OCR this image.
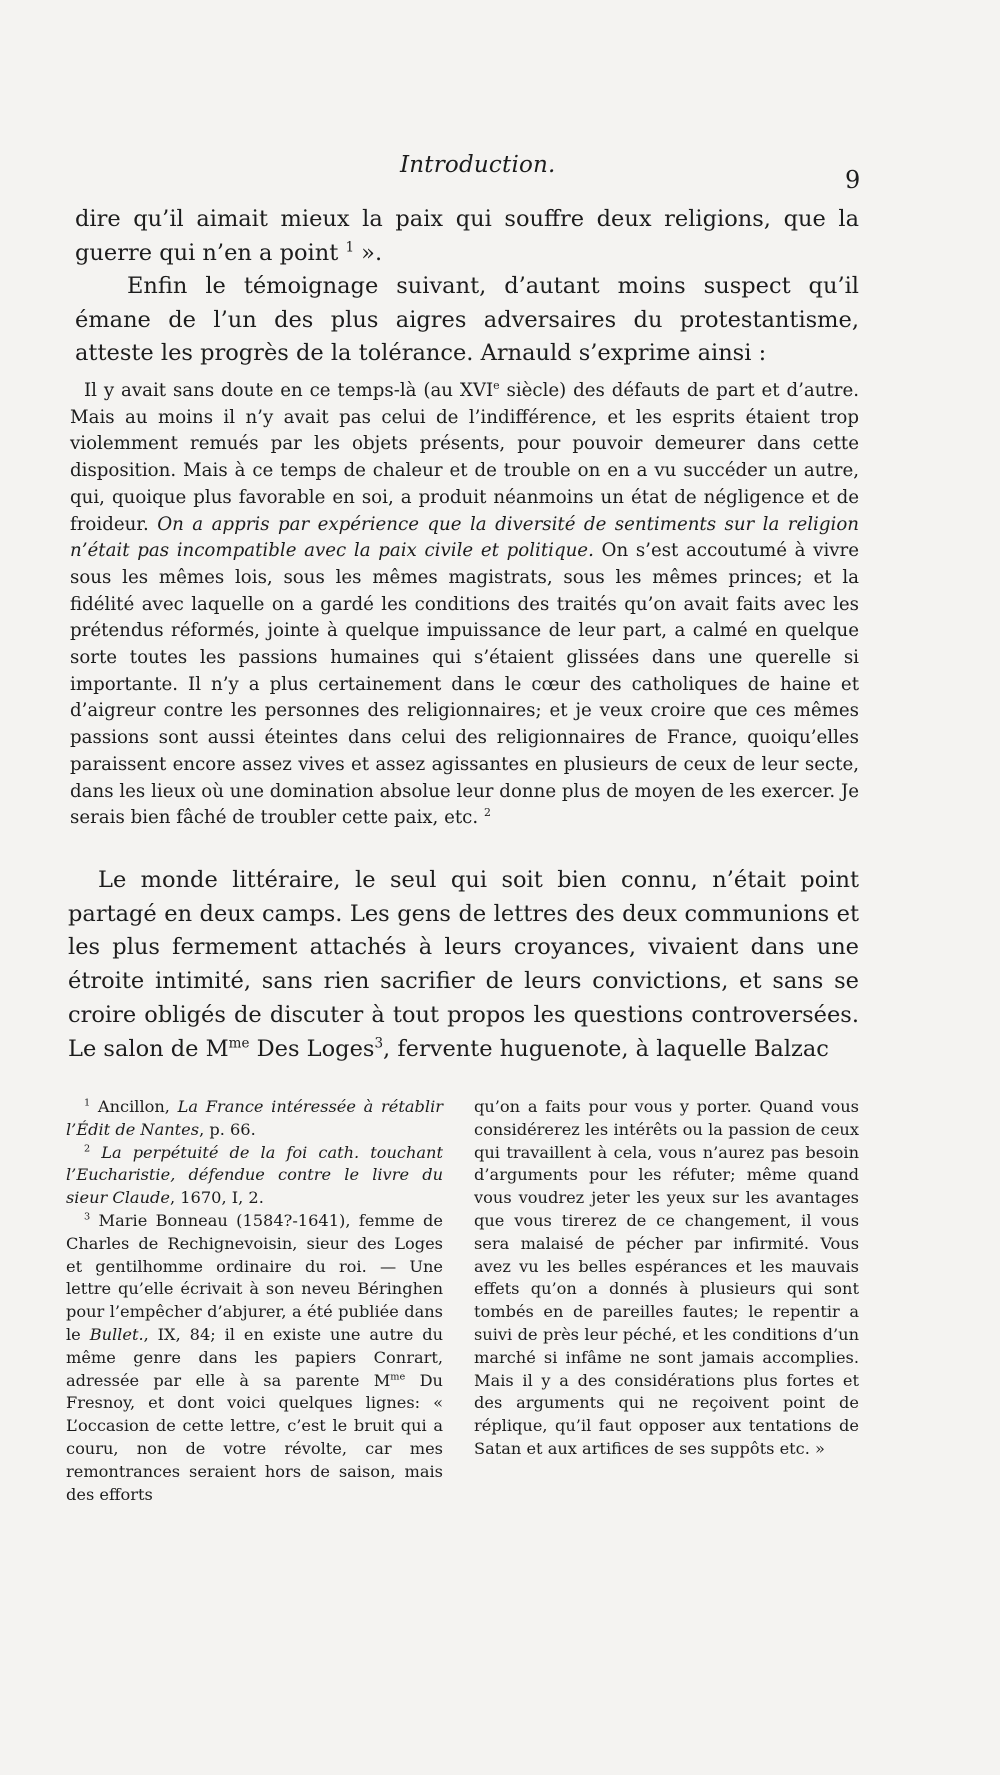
Introduction.
9

dire qu’il aimait mieux la paix qui souffre deux religions, que la guerre qui n’en a point $^1$ ».

Enfin le témoignage suivant, d’autant moins suspect qu’il émane de l’un des plus aigres adversaires du protestantisme, atteste les progrès de la tolérance. Arnauld s’exprime ainsi :

Il y avait sans doute en ce temps-là (au XVIe siècle) des défauts de part et d’autre. Mais au moins il n’y avait pas celui de l’indifférence, et les esprits étaient trop violemment remués par les objets présents, pour pouvoir demeurer dans cette disposition. Mais à ce temps de chaleur et de trouble on en a vu succéder un autre, qui, quoique plus favorable en soi, a produit néanmoins un état de négligence et de froideur. On a appris par expérience que la diversité de sentiments sur la religion n’était pas incompatible avec la paix civile et politique. On s’est accoutumé à vivre sous les mêmes lois, sous les mêmes magistrats, sous les mêmes princes; et la fidélité avec laquelle on a gardé les conditions des traités qu’on avait faits avec les prétendus réformés, jointe à quelque impuissance de leur part, a calmé en quelque sorte toutes les passions humaines qui s’étaient glissées dans une querelle si importante. Il n’y a plus certainement dans le cœur des catholiques de haine et d’aigreur contre les personnes des religionnaires; et je veux croire que ces mêmes passions sont aussi éteintes dans celui des religionnaires de France, quoiqu’elles paraissent encore assez vives et assez agissantes en plusieurs de ceux de leur secte, dans les lieux où une domination absolue leur donne plus de moyen de les exercer. Je serais bien fâché de troubler cette paix, etc. $^2$

Le monde littéraire, le seul qui soit bien connu, n’était point partagé en deux camps. Les gens de lettres des deux communions et les plus fermement attachés à leurs croyances, vivaient dans une étroite intimité, sans rien sacrifier de leurs convictions, et sans se croire obligés de discuter à tout propos les questions controversées. Le salon de $M^{me}$ Des Loges$^3$, fervente huguenote, à laquelle Balzac

$^1$ Ancillon, La France intéressée à rétablir l’Édit de Nantes, p. 66.

$^2$ La perpétuité de la foi cath. touchant l’Eucharistie, défendue contre le livre du sieur Claude, 1670, I, 2.

$^3$ Marie Bonneau (1584?-1641), femme de Charles de Rechignevoisin, sieur des Loges et gentilhomme ordinaire du roi. — Une lettre qu’elle écrivait à son neveu Béringhen pour l’empêcher d’abjurer, a été publiée dans le Bullet., IX, 84; il en existe une autre du même genre dans les papiers Conrart, adressée par elle à sa parente $M^{me}$ Du Fresnoy, et dont voici quelques lignes: « L’occasion de cette lettre, c’est le bruit qui a couru, non de votre révolte, car mes remontrances seraient hors de saison, mais des efforts

qu’on a faits pour vous y porter. Quand vous considérerez les intérêts ou la passion de ceux qui travaillent à cela, vous n’aurez pas besoin d’arguments pour les réfuter; même quand vous voudrez jeter les yeux sur les avantages que vous tirerez de ce changement, il vous sera malaisé de pécher par infirmité. Vous avez vu les belles espérances et les mauvais effets qu’on a donnés à plusieurs qui sont tombés en de pareilles fautes; le repentir a suivi de près leur péché, et les conditions d’un marché si infâme ne sont jamais accomplies. Mais il y a des considérations plus fortes et des arguments qui ne reçoivent point de réplique, qu’il faut opposer aux tentations de Satan et aux artifices de ses suppôts etc. »
